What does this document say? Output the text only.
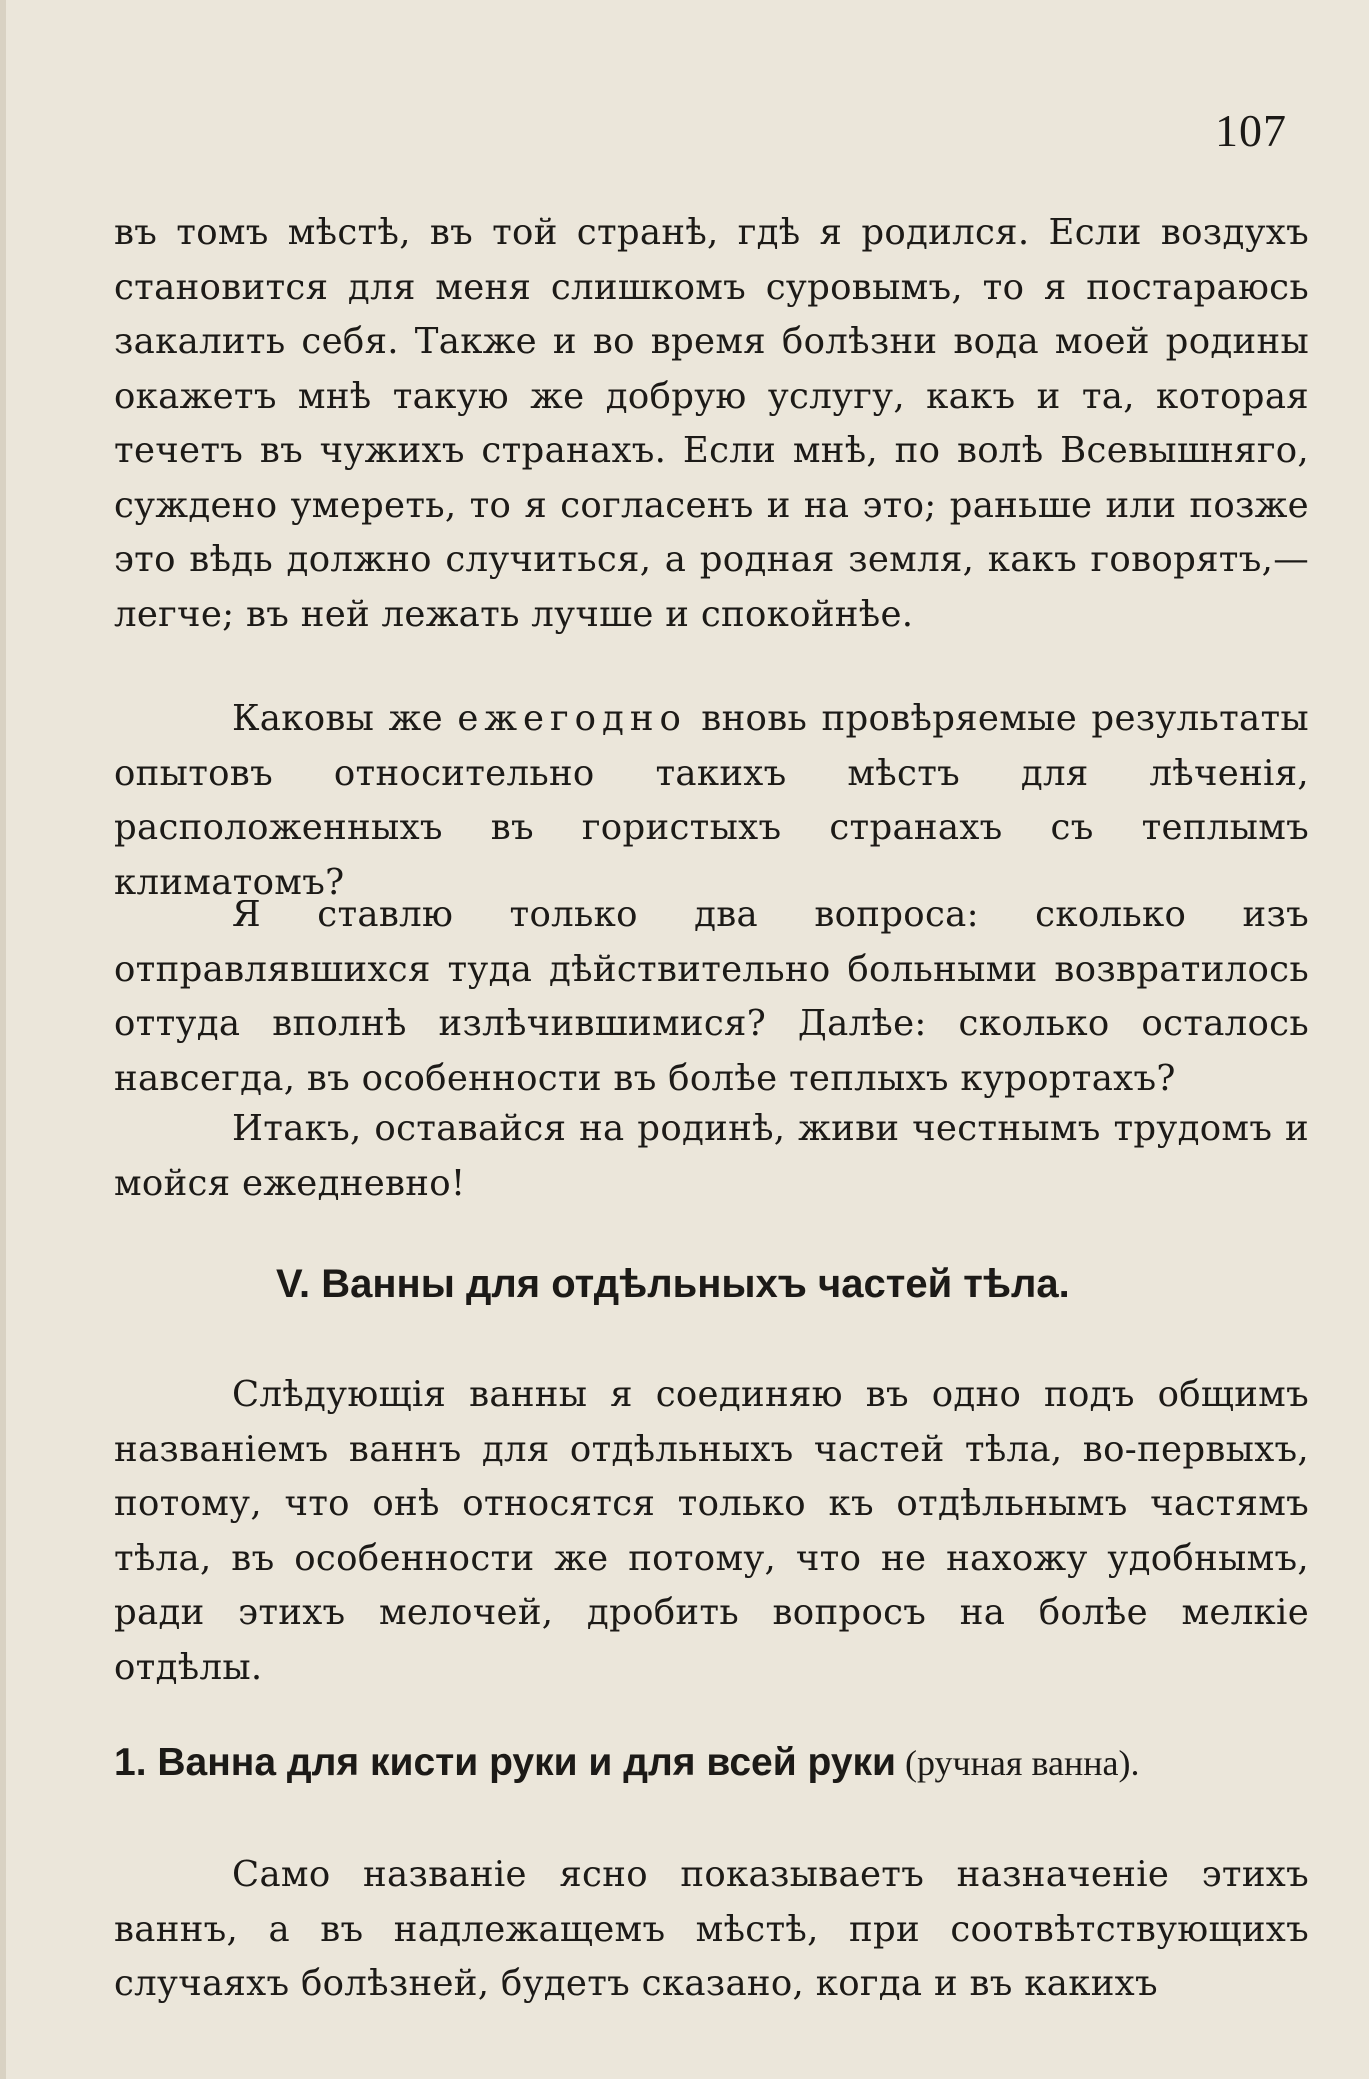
107

въ томъ мѣстѣ, въ той странѣ, гдѣ я родился. Если воздухъ становится для меня слишкомъ суровымъ, то я постараюсь закалить себя. Также и во время болѣзни вода моей родины окажетъ мнѣ такую же добрую услугу, какъ и та, которая течетъ въ чужихъ странахъ. Если мнѣ, по волѣ Всевышняго, суждено умереть, то я согласенъ и на это; раньше или позже это вѣдь должно случиться, а родная земля, какъ говорятъ,—легче; въ ней лежать лучше и спокойнѣе.

Каковы же ежегодно вновь провѣряемые результаты опытовъ относительно такихъ мѣстъ для лѣченія, расположенныхъ въ гористыхъ странахъ съ теплымъ климатомъ?

Я ставлю только два вопроса: сколько изъ отправлявшихся туда дѣйствительно больными возвратилось оттуда вполнѣ излѣчившимися? Далѣе: сколько осталось навсегда, въ особенности въ болѣе теплыхъ курортахъ?

Итакъ, оставайся на родинѣ, живи честнымъ трудомъ и мойся ежедневно!

V. Ванны для отдѣльныхъ частей тѣла.

Слѣдующія ванны я соединяю въ одно подъ общимъ названіемъ ваннъ для отдѣльныхъ частей тѣла, во-первыхъ, потому, что онѣ относятся только къ отдѣльнымъ частямъ тѣла, въ особенности же потому, что не нахожу удобнымъ, ради этихъ мелочей, дробить вопросъ на болѣе мелкіе отдѣлы.

1. Ванна для кисти руки и для всей руки (ручная ванна).

Само названіе ясно показываетъ назначеніе этихъ ваннъ, а въ надлежащемъ мѣстѣ, при соотвѣтствующихъ случаяхъ болѣзней, будетъ сказано, когда и въ какихъ
